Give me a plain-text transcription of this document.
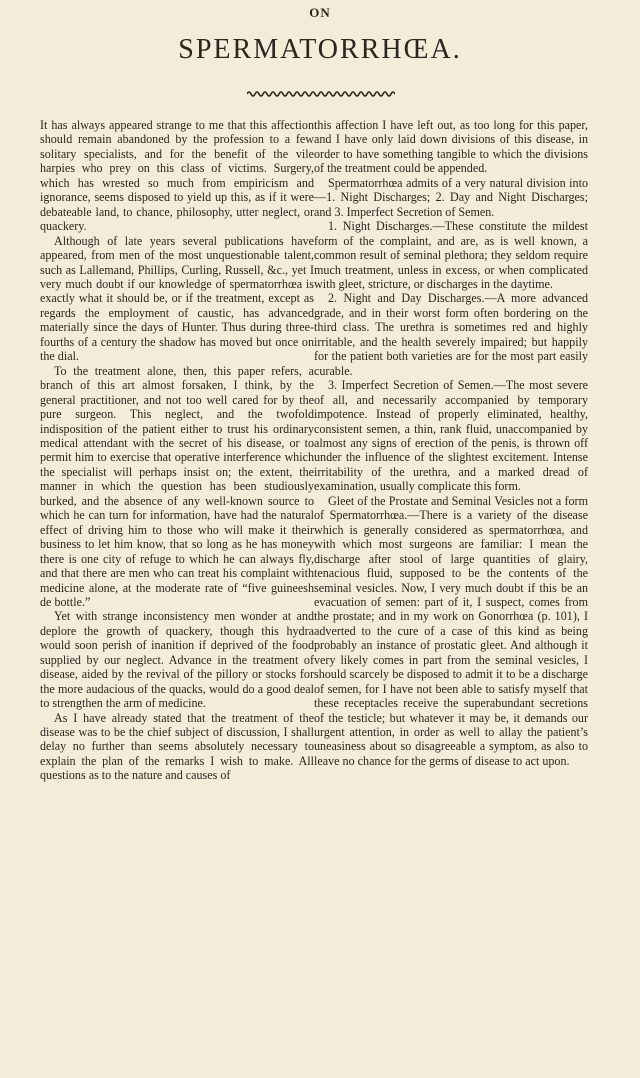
ON
SPERMATORRHŒA.

It has always appeared strange to me that this affection should remain abandoned by the profession to a few solitary specialists, and for the benefit of the vile harpies who prey on this class of victims. Surgery, which has wrested so much from empiricism and ignorance, seems disposed to yield up this, as if it were debateable land, to chance, philosophy, utter neglect, or quackery.

Although of late years several publications have appeared, from men of the most unquestionable talent, such as Lallemand, Phillips, Curling, Russell, &c., yet I very much doubt if our knowledge of spermatorrhœa is exactly what it should be, or if the treatment, except as regards the employment of caustic, has advanced materially since the days of Hunter. Thus during three-fourths of a century the shadow has moved but once on the dial.

To the treatment alone, then, this paper refers, a branch of this art almost forsaken, I think, by the general practitioner, and not too well cared for by the pure surgeon. This neglect, and the twofold indisposition of the patient either to trust his ordinary medical attendant with the secret of his disease, or to permit him to exercise that operative interference which the specialist will perhaps insist on; the extent, the manner in which the question has been studiously burked, and the absence of any well-known source to which he can turn for information, have had the natural effect of driving him to those who will make it their business to let him know, that so long as he has money there is one city of refuge to which he can always fly, and that there are men who can treat his complaint with medicine alone, at the moderate rate of “five guineesh de bottle.”

Yet with strange inconsistency men wonder at and deplore the growth of quackery, though this hydra would soon perish of inanition if deprived of the food supplied by our neglect. Advance in the treatment of disease, aided by the revival of the pillory or stocks for the more audacious of the quacks, would do a good deal to strengthen the arm of medicine.

As I have already stated that the treatment of the disease was to be the chief subject of discussion, I shall delay no further than seems absolutely necessary to explain the plan of the remarks I wish to make. All questions as to the nature and causes of

this affection I have left out, as too long for this paper, and I have only laid down divisions of this disease, in order to have something tangible to which the divisions of the treatment could be appended.

Spermatorrhœa admits of a very natural division into—1. Night Discharges; 2. Day and Night Discharges; and 3. Imperfect Secretion of Semen.

1. Night Discharges.—These constitute the mildest form of the complaint, and are, as is well known, a common result of seminal plethora; they seldom require much treatment, unless in excess, or when complicated with gleet, stricture, or discharges in the daytime.

2. Night and Day Discharges.—A more advanced grade, and in their worst form often bordering on the third class. The urethra is sometimes red and highly irritable, and the health severely impaired; but happily for the patient both varieties are for the most part easily curable.

3. Imperfect Secretion of Semen.—The most severe of all, and necessarily accompanied by temporary impotence. Instead of properly eliminated, healthy, consistent semen, a thin, rank fluid, unaccompanied by almost any signs of erection of the penis, is thrown off under the influence of the slightest excitement. Intense irritability of the urethra, and a marked dread of examination, usually complicate this form.

Gleet of the Prostate and Seminal Vesicles not a form of Spermatorrhœa.—There is a variety of the disease which is generally considered as spermatorrhœa, and with which most surgeons are familiar: I mean the discharge after stool of large quantities of glairy, tenacious fluid, supposed to be the contents of the seminal vesicles. Now, I very much doubt if this be an evacuation of semen: part of it, I suspect, comes from the prostate; and in my work on Gonorrhœa (p. 101), I adverted to the cure of a case of this kind as being probably an instance of prostatic gleet. And although it very likely comes in part from the seminal vesicles, I should scarcely be disposed to admit it to be a discharge of semen, for I have not been able to satisfy myself that these receptacles receive the superabundant secretions of the testicle; but whatever it may be, it demands our urgent attention, in order as well to allay the patient’s uneasiness about so disagreeable a symptom, as also to leave no chance for the germs of disease to act upon.
